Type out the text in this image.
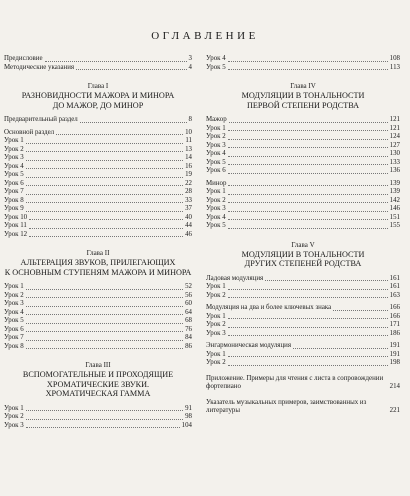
ОГЛАВЛЕНИЕ
Предисловие	3
Методические указания	4
Глава I
РАЗНОВИДНОСТИ МАЖОРА И МИНОРА
ДО МАЖОР, ДО МИНОР
Предварительный раздел	8
Основной раздел	10
Урок 1	11
Урок 2	13
Урок 3	14
Урок 4	16
Урок 5	19
Урок 6	22
Урок 7	28
Урок 8	33
Урок 9	37
Урок 10	40
Урок 11	44
Урок 12	46
Глава II
АЛЬТЕРАЦИЯ ЗВУКОВ, ПРИЛЕГАЮЩИХ
К ОСНОВНЫМ СТУПЕНЯМ МАЖОРА И МИНОРА
Урок 1	52
Урок 2	56
Урок 3	60
Урок 4	64
Урок 5	68
Урок 6	76
Урок 7	84
Урок 8	86
Глава III
ВСПОМОГАТЕЛЬНЫЕ И ПРОХОДЯЩИЕ
ХРОМАТИЧЕСКИЕ ЗВУКИ.
ХРОМАТИЧЕСКАЯ ГАММА
Урок 1	91
Урок 2	98
Урок 3	104
Урок 4	108
Урок 5	113
Глава IV
МОДУЛЯЦИИ В ТОНАЛЬНОСТИ
ПЕРВОЙ СТЕПЕНИ РОДСТВА
Мажор	121
Урок 1	121
Урок 2	124
Урок 3	127
Урок 4	130
Урок 5	133
Урок 6	136
Минор	139
Урок 1	139
Урок 2	142
Урок 3	146
Урок 4	151
Урок 5	155
Глава V
МОДУЛЯЦИИ В ТОНАЛЬНОСТИ
ДРУГИХ СТЕПЕНЕЙ РОДСТВА
Ладовая модуляция	161
Урок 1	161
Урок 2	163
Модуляция на два и более ключевых знака	166
Урок 1	166
Урок 2	171
Урок 3	186
Энгармоническая модуляция	191
Урок 1	191
Урок 2	198
Приложение. Примеры для чтения с листа в сопровождении фортепиано	214
Указатель музыкальных примеров, заимствованных из литературы	221
